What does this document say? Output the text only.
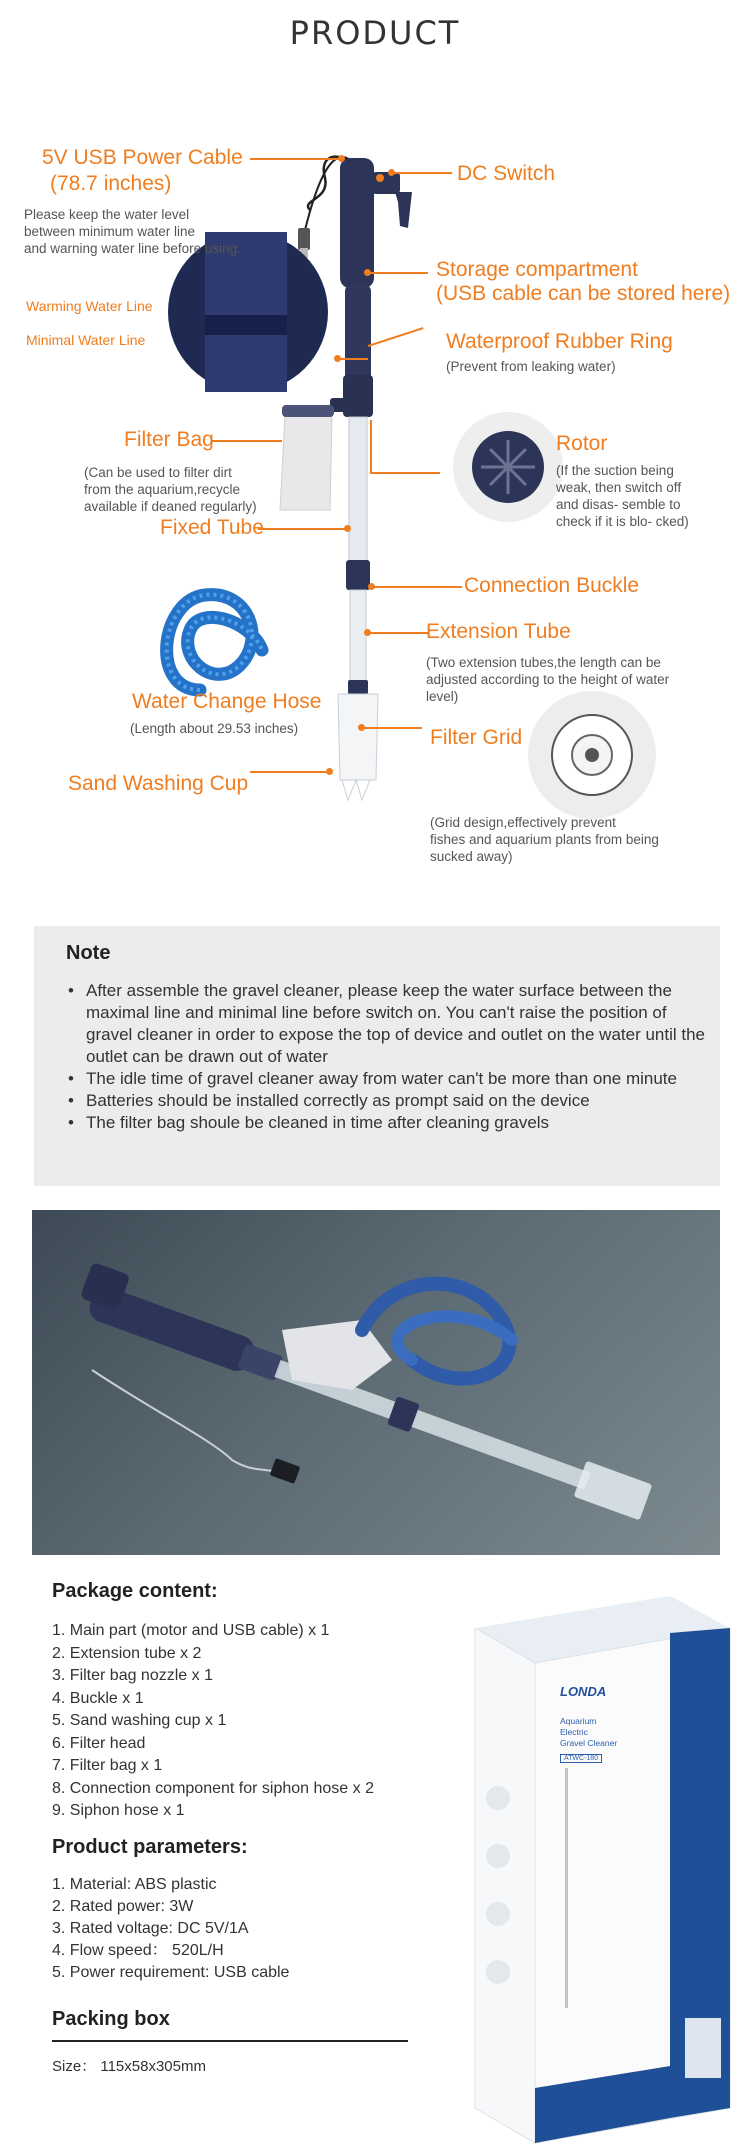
PRODUCT
5V USB Power Cable
(78.7 inches)
Please keep the water level
between minimum water line
and warning water line before using.
Warming Water Line
Minimal Water Line
DC Switch
Storage compartment
(USB cable can be stored here)
Waterproof Rubber Ring
(Prevent from leaking water)
Filter Bag
(Can be used to filter dirt
from the aquarium,recycle
available if deaned regularly)
Rotor
(If the suction being
weak, then switch off
and disas- semble to
check if it is blo- cked)
Fixed Tube
Connection Buckle
Extension Tube
(Two extension tubes,the length can be
adjusted according to the height of water
level)
Water Change Hose
(Length about 29.53 inches)	Filter Grid
(Grid design,effectively prevent
fishes and aquarium plants from being
sucked away)
Sand Washing Cup
Note
• After assemble the gravel cleaner, please keep the water surface between the maximal line and minimal line before switch on. You canʹt raise the position of gravel cleaner in order to expose the top of device and outlet on the water until the outlet can be drawn out of water
• The idle time of gravel cleaner away from water canʹt be more than one minute
• Batteries should be installed correctly as prompt said on the device
• The filter bag shoule be cleaned in time after cleaning gravels
Package content:
1. Main part (motor and USB cable) x 1
2. Extension tube x 2
3. Filter bag nozzle x 1
4. Buckle x 1
5. Sand washing cup x 1
6. Filter head
7. Filter bag x 1
8. Connection component for siphon hose x 2
9. Siphon hose x 1
Product parameters:
1. Material: ABS plastic
2. Rated power: 3W
3. Rated voltage: DC 5V/1A
4. Flow speed： 520L/H
5. Power requirement: USB cable
Packing box
Size： 115x58x305mm
LONDA
Aquarium
Electric
Gravel Cleaner
ATWC-180
